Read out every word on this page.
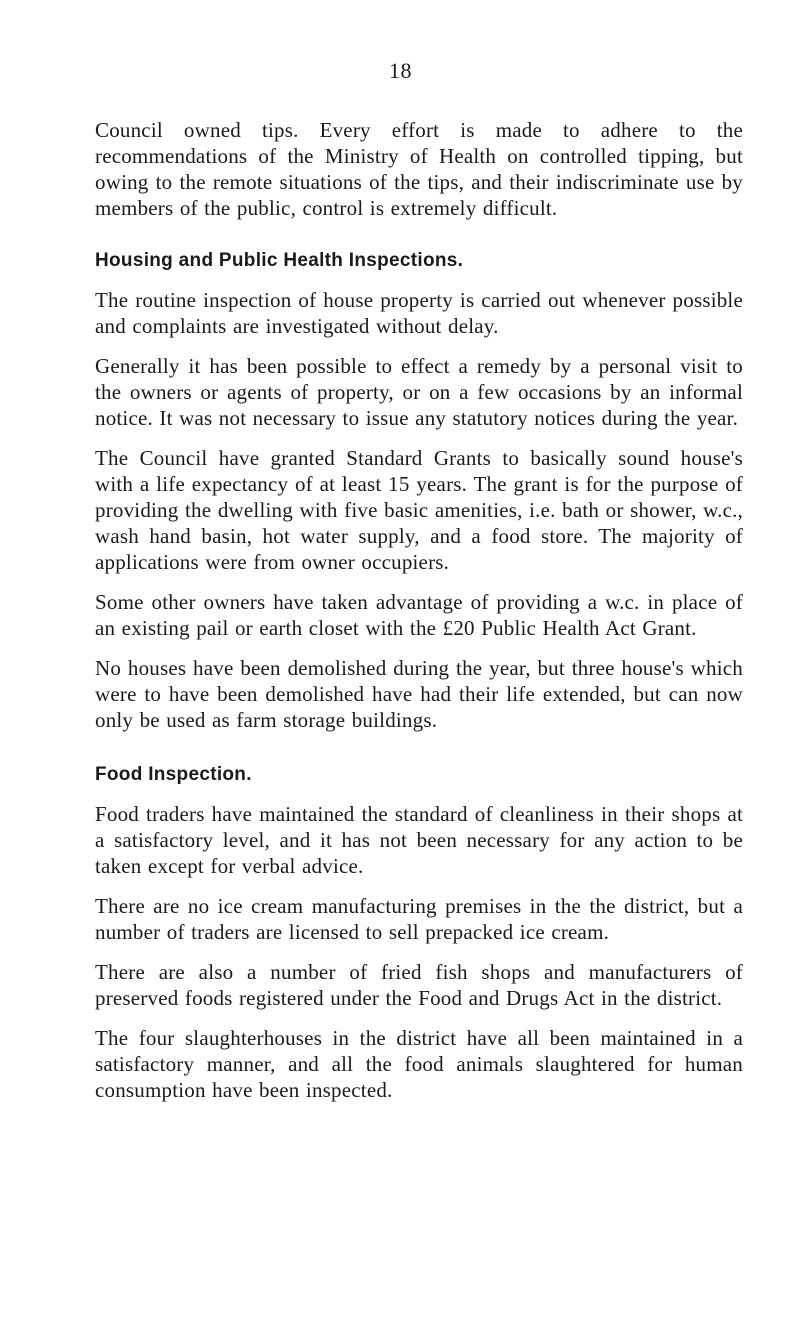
18

Council owned tips. Every effort is made to adhere to the recommendations of the Ministry of Health on controlled tipping, but owing to the remote situations of the tips, and their indiscriminate use by members of the public, control is extremely difficult.

Housing and Public Health Inspections.

The routine inspection of house property is carried out whenever possible and complaints are investigated without delay.

Generally it has been possible to effect a remedy by a personal visit to the owners or agents of property, or on a few occasions by an informal notice. It was not necessary to issue any statutory notices during the year.

The Council have granted Standard Grants to basically sound house's with a life expectancy of at least 15 years. The grant is for the purpose of providing the dwelling with five basic amenities, i.e. bath or shower, w.c., wash hand basin, hot water supply, and a food store. The majority of applications were from owner occupiers.

Some other owners have taken advantage of providing a w.c. in place of an existing pail or earth closet with the £20 Public Health Act Grant.

No houses have been demolished during the year, but three house's which were to have been demolished have had their life extended, but can now only be used as farm storage buildings.

Food Inspection.

Food traders have maintained the standard of cleanliness in their shops at a satisfactory level, and it has not been necessary for any action to be taken except for verbal advice.

There are no ice cream manufacturing premises in the the district, but a number of traders are licensed to sell prepacked ice cream.

There are also a number of fried fish shops and manufacturers of preserved foods registered under the Food and Drugs Act in the district.

The four slaughterhouses in the district have all been maintained in a satisfactory manner, and all the food animals slaughtered for human consumption have been inspected.
